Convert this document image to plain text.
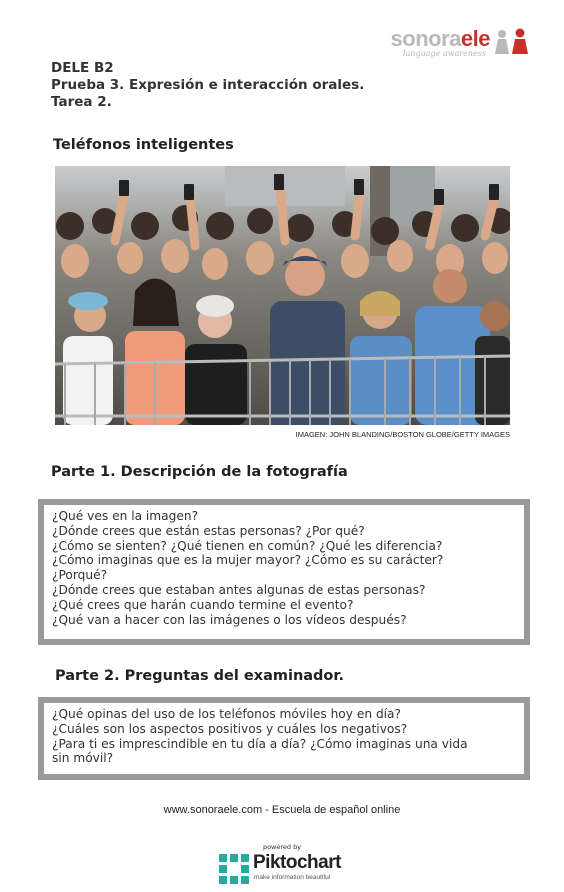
sonoraele
language awareness
DELE B2
Prueba 3. Expresión e interacción orales.
Tarea 2.
Teléfonos inteligentes
IMAGEN: JOHN BLANDING/BOSTON GLOBE/GETTY IMAGES
Parte 1. Descripción de la fotografía
¿Qué ves en la imagen?
¿Dónde crees que están estas personas? ¿Por qué?
¿Cómo se sienten? ¿Qué tienen en común? ¿Qué les diferencia?
¿Cómo imaginas que es la mujer mayor? ¿Cómo es su carácter?
¿Porqué?
¿Dónde crees que estaban antes algunas de estas personas?
¿Qué crees que harán cuando termine el evento?
¿Qué van a hacer con las imágenes o los vídeos después?
Parte 2. Preguntas del examinador.
¿Qué opinas del uso de los teléfonos móviles hoy en día?
¿Cuáles son los aspectos positivos y cuáles los negativos?
¿Para ti es imprescindible en tu día a día? ¿Cómo imaginas una vida
sin móvil?
www.sonoraele.com - Escuela de español online
powered by
Piktochart
make information beautiful
